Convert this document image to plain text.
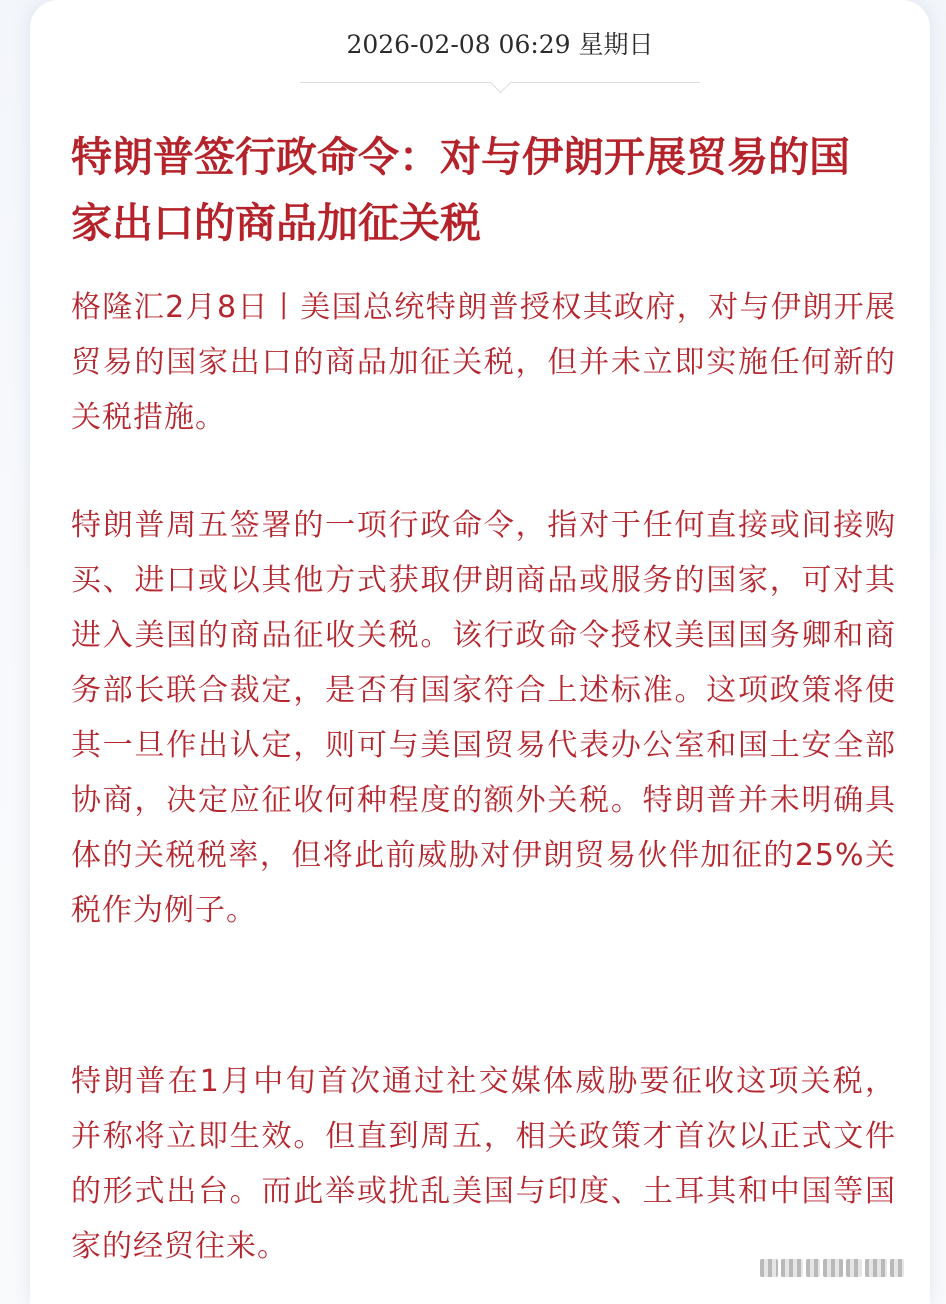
2026-02-08 06:29 星期日
特朗普签行政命令：对与伊朗开展贸易的国家出口的商品加征关税

格隆汇2月8日丨美国总统特朗普授权其政府，对与伊朗开展贸易的国家出口的商品加征关税，但并未立即实施任何新的关税措施。

特朗普周五签署的一项行政命令，指对于任何直接或间接购买、进口或以其他方式获取伊朗商品或服务的国家，可对其进入美国的商品征收关税。该行政命令授权美国国务卿和商务部长联合裁定，是否有国家符合上述标准。这项政策将使其一旦作出认定，则可与美国贸易代表办公室和国土安全部协商，决定应征收何种程度的额外关税。特朗普并未明确具体的关税税率，但将此前威胁对伊朗贸易伙伴加征的25%关税作为例子。

特朗普在1月中旬首次通过社交媒体威胁要征收这项关税，并称将立即生效。但直到周五，相关政策才首次以正式文件的形式出台。而此举或扰乱美国与印度、土耳其和中国等国家的经贸往来。
